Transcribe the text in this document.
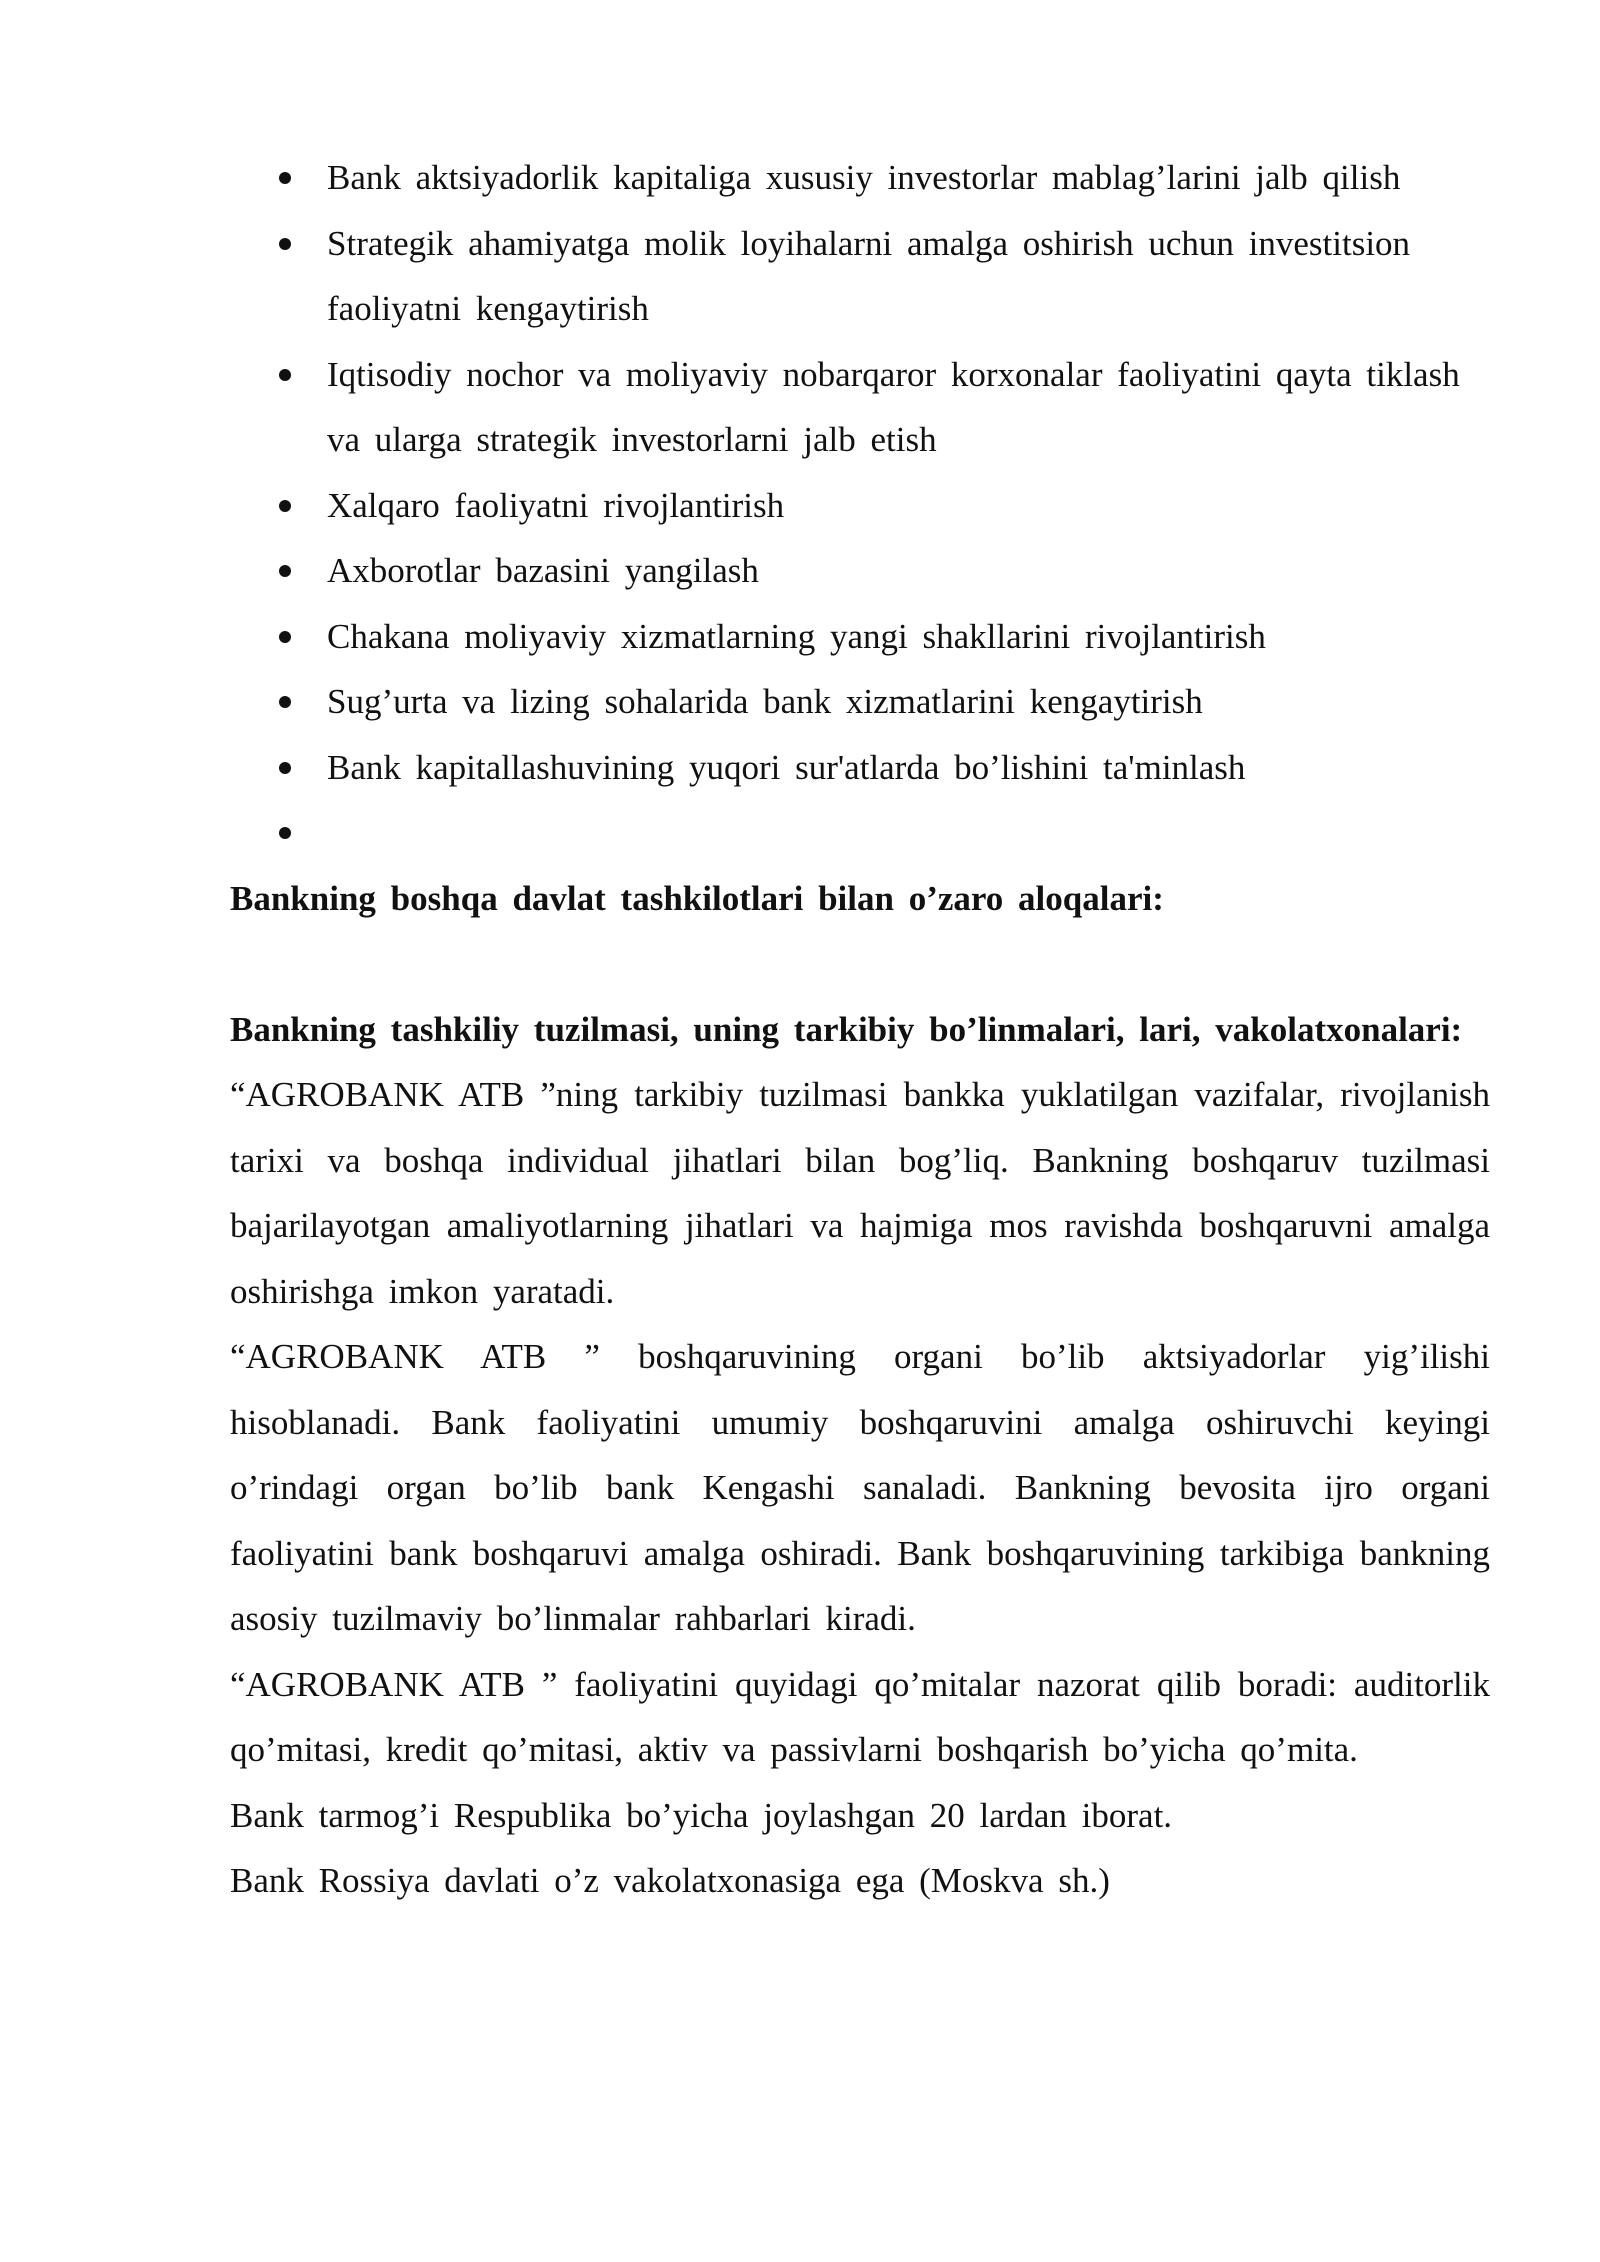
Bank aktsiyadorlik kapitaliga xususiy investorlar mablag’larini jalb qilish
Strategik ahamiyatga molik loyihalarni amalga oshirish uchun investitsion faoliyatni kengaytirish
Iqtisodiy nochor va moliyaviy nobarqaror korxonalar faoliyatini qayta tiklash va ularga strategik investorlarni jalb etish
Xalqaro faoliyatni rivojlantirish
Axborotlar bazasini yangilash
Chakana moliyaviy xizmatlarning yangi shakllarini rivojlantirish
Sug’urta va lizing sohalarida bank xizmatlarini kengaytirish
Bank kapitallashuvining yuqori sur'atlarda bo’lishini ta'minlash
Bankning boshqa davlat tashkilotlari bilan o’zaro aloqalari:
Bankning tashkiliy tuzilmasi, uning tarkibiy bo’linmalari, lari, vakolatxonalari:

“AGROBANK ATB ”ning tarkibiy tuzilmasi bankka yuklatilgan vazifalar, rivojlanish tarixi va boshqa individual jihatlari bilan bog’liq. Bankning boshqaruv tuzilmasi bajarilayotgan amaliyotlarning jihatlari va hajmiga mos ravishda boshqaruvni amalga oshirishga imkon yaratadi.

“AGROBANK ATB ” boshqaruvining organi bo’lib aktsiyadorlar yig’ilishi hisoblanadi. Bank faoliyatini umumiy boshqaruvini amalga oshiruvchi keyingi o’rindagi organ bo’lib bank Kengashi sanaladi. Bankning bevosita ijro organi faoliyatini bank boshqaruvi amalga oshiradi. Bank boshqaruvining tarkibiga bankning asosiy tuzilmaviy bo’linmalar rahbarlari kiradi.

“AGROBANK ATB ” faoliyatini quyidagi qo’mitalar nazorat qilib boradi: auditorlik qo’mitasi, kredit qo’mitasi, aktiv va passivlarni boshqarish bo’yicha qo’mita.

Bank tarmog’i Respublika bo’yicha joylashgan 20 lardan iborat.

Bank Rossiya davlati o’z vakolatxonasiga ega (Moskva sh.)
